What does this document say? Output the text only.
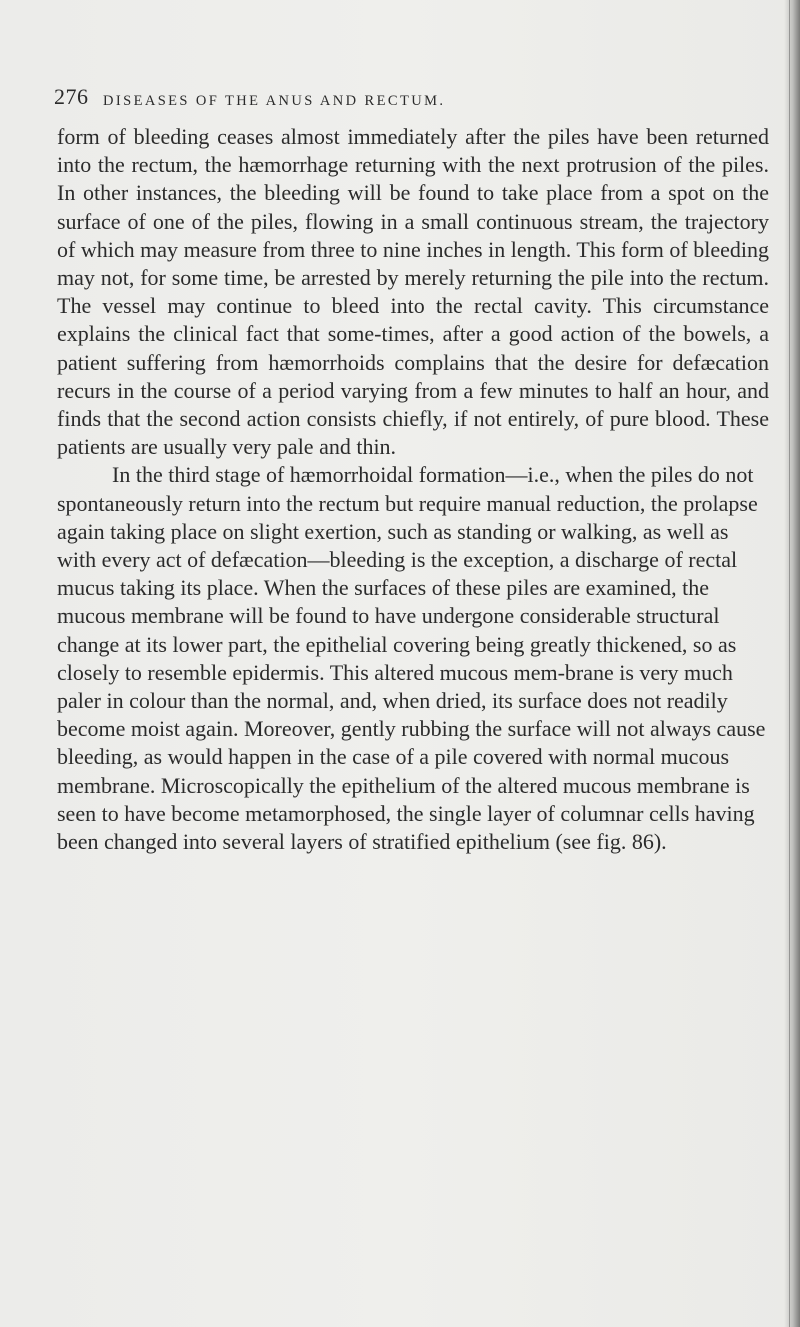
276 DISEASES OF THE ANUS AND RECTUM.

form of bleeding ceases almost immediately after the piles have been returned into the rectum, the hæmorrhage returning with the next protrusion of the piles. In other instances, the bleeding will be found to take place from a spot on the surface of one of the piles, flowing in a small continuous stream, the trajectory of which may measure from three to nine inches in length. This form of bleeding may not, for some time, be arrested by merely returning the pile into the rectum. The vessel may continue to bleed into the rectal cavity. This circumstance explains the clinical fact that some-times, after a good action of the bowels, a patient suffering from hæmorrhoids complains that the desire for defæcation recurs in the course of a period varying from a few minutes to half an hour, and finds that the second action consists chiefly, if not entirely, of pure blood. These patients are usually very pale and thin.

In the third stage of hæmorrhoidal formation—i.e., when the piles do not spontaneously return into the rectum but require manual reduction, the prolapse again taking place on slight exertion, such as standing or walking, as well as with every act of defæcation—bleeding is the exception, a discharge of rectal mucus taking its place. When the surfaces of these piles are examined, the mucous membrane will be found to have undergone considerable structural change at its lower part, the epithelial covering being greatly thickened, so as closely to resemble epidermis. This altered mucous mem-brane is very much paler in colour than the normal, and, when dried, its surface does not readily become moist again. Moreover, gently rubbing the surface will not always cause bleeding, as would happen in the case of a pile covered with normal mucous membrane. Microscopically the epithelium of the altered mucous membrane is seen to have become metamorphosed, the single layer of columnar cells having been changed into several layers of stratified epithelium (see fig. 86).
